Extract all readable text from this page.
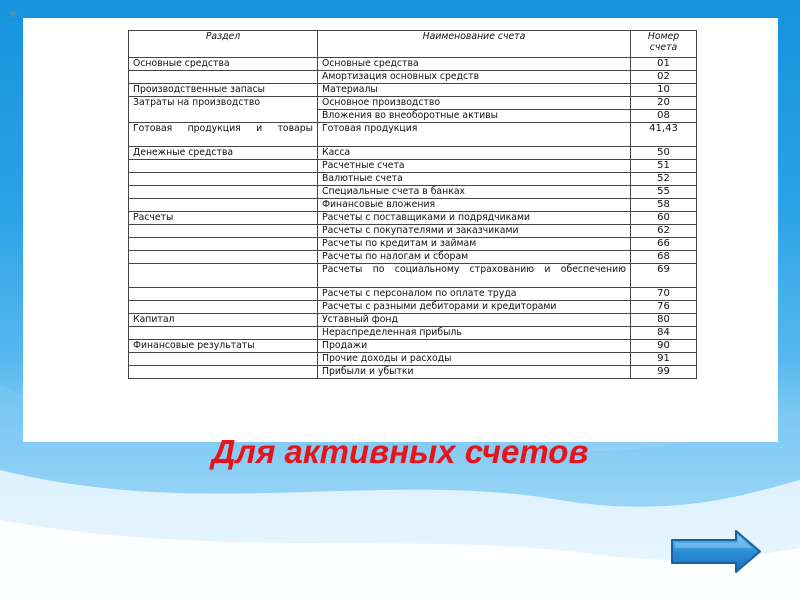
✳
Раздел	Наименование счета	Номер счета
Основные средства	Основные средства	01
	Амортизация основных средств	02
Производственные запасы	Материалы	10
Затраты на производство	Основное производство	20
	Вложения во внеоборотные активы	08
Готовая продукция и товары	Готовая продукция	41,43
Денежные средства	Касса	50
	Расчетные счета	51
	Валютные счета	52
	Специальные счета в банках	55
	Финансовые вложения	58
Расчеты	Расчеты с поставщиками и подрядчиками	60
	Расчеты с покупателями и заказчиками	62
	Расчеты по кредитам и займам	66
	Расчеты по налогам и сборам	68
	Расчеты по социальному страхованию и обеспечению	69
	Расчеты с персоналом по оплате труда	70
	Расчеты с разными дебиторами и кредиторами	76
Капитал	Уставный фонд	80
	Нераспределенная прибыль	84
Финансовые результаты	Продажи	90
	Прочие доходы и расходы	91
	Прибыли и убытки	99
Для активных счетов
